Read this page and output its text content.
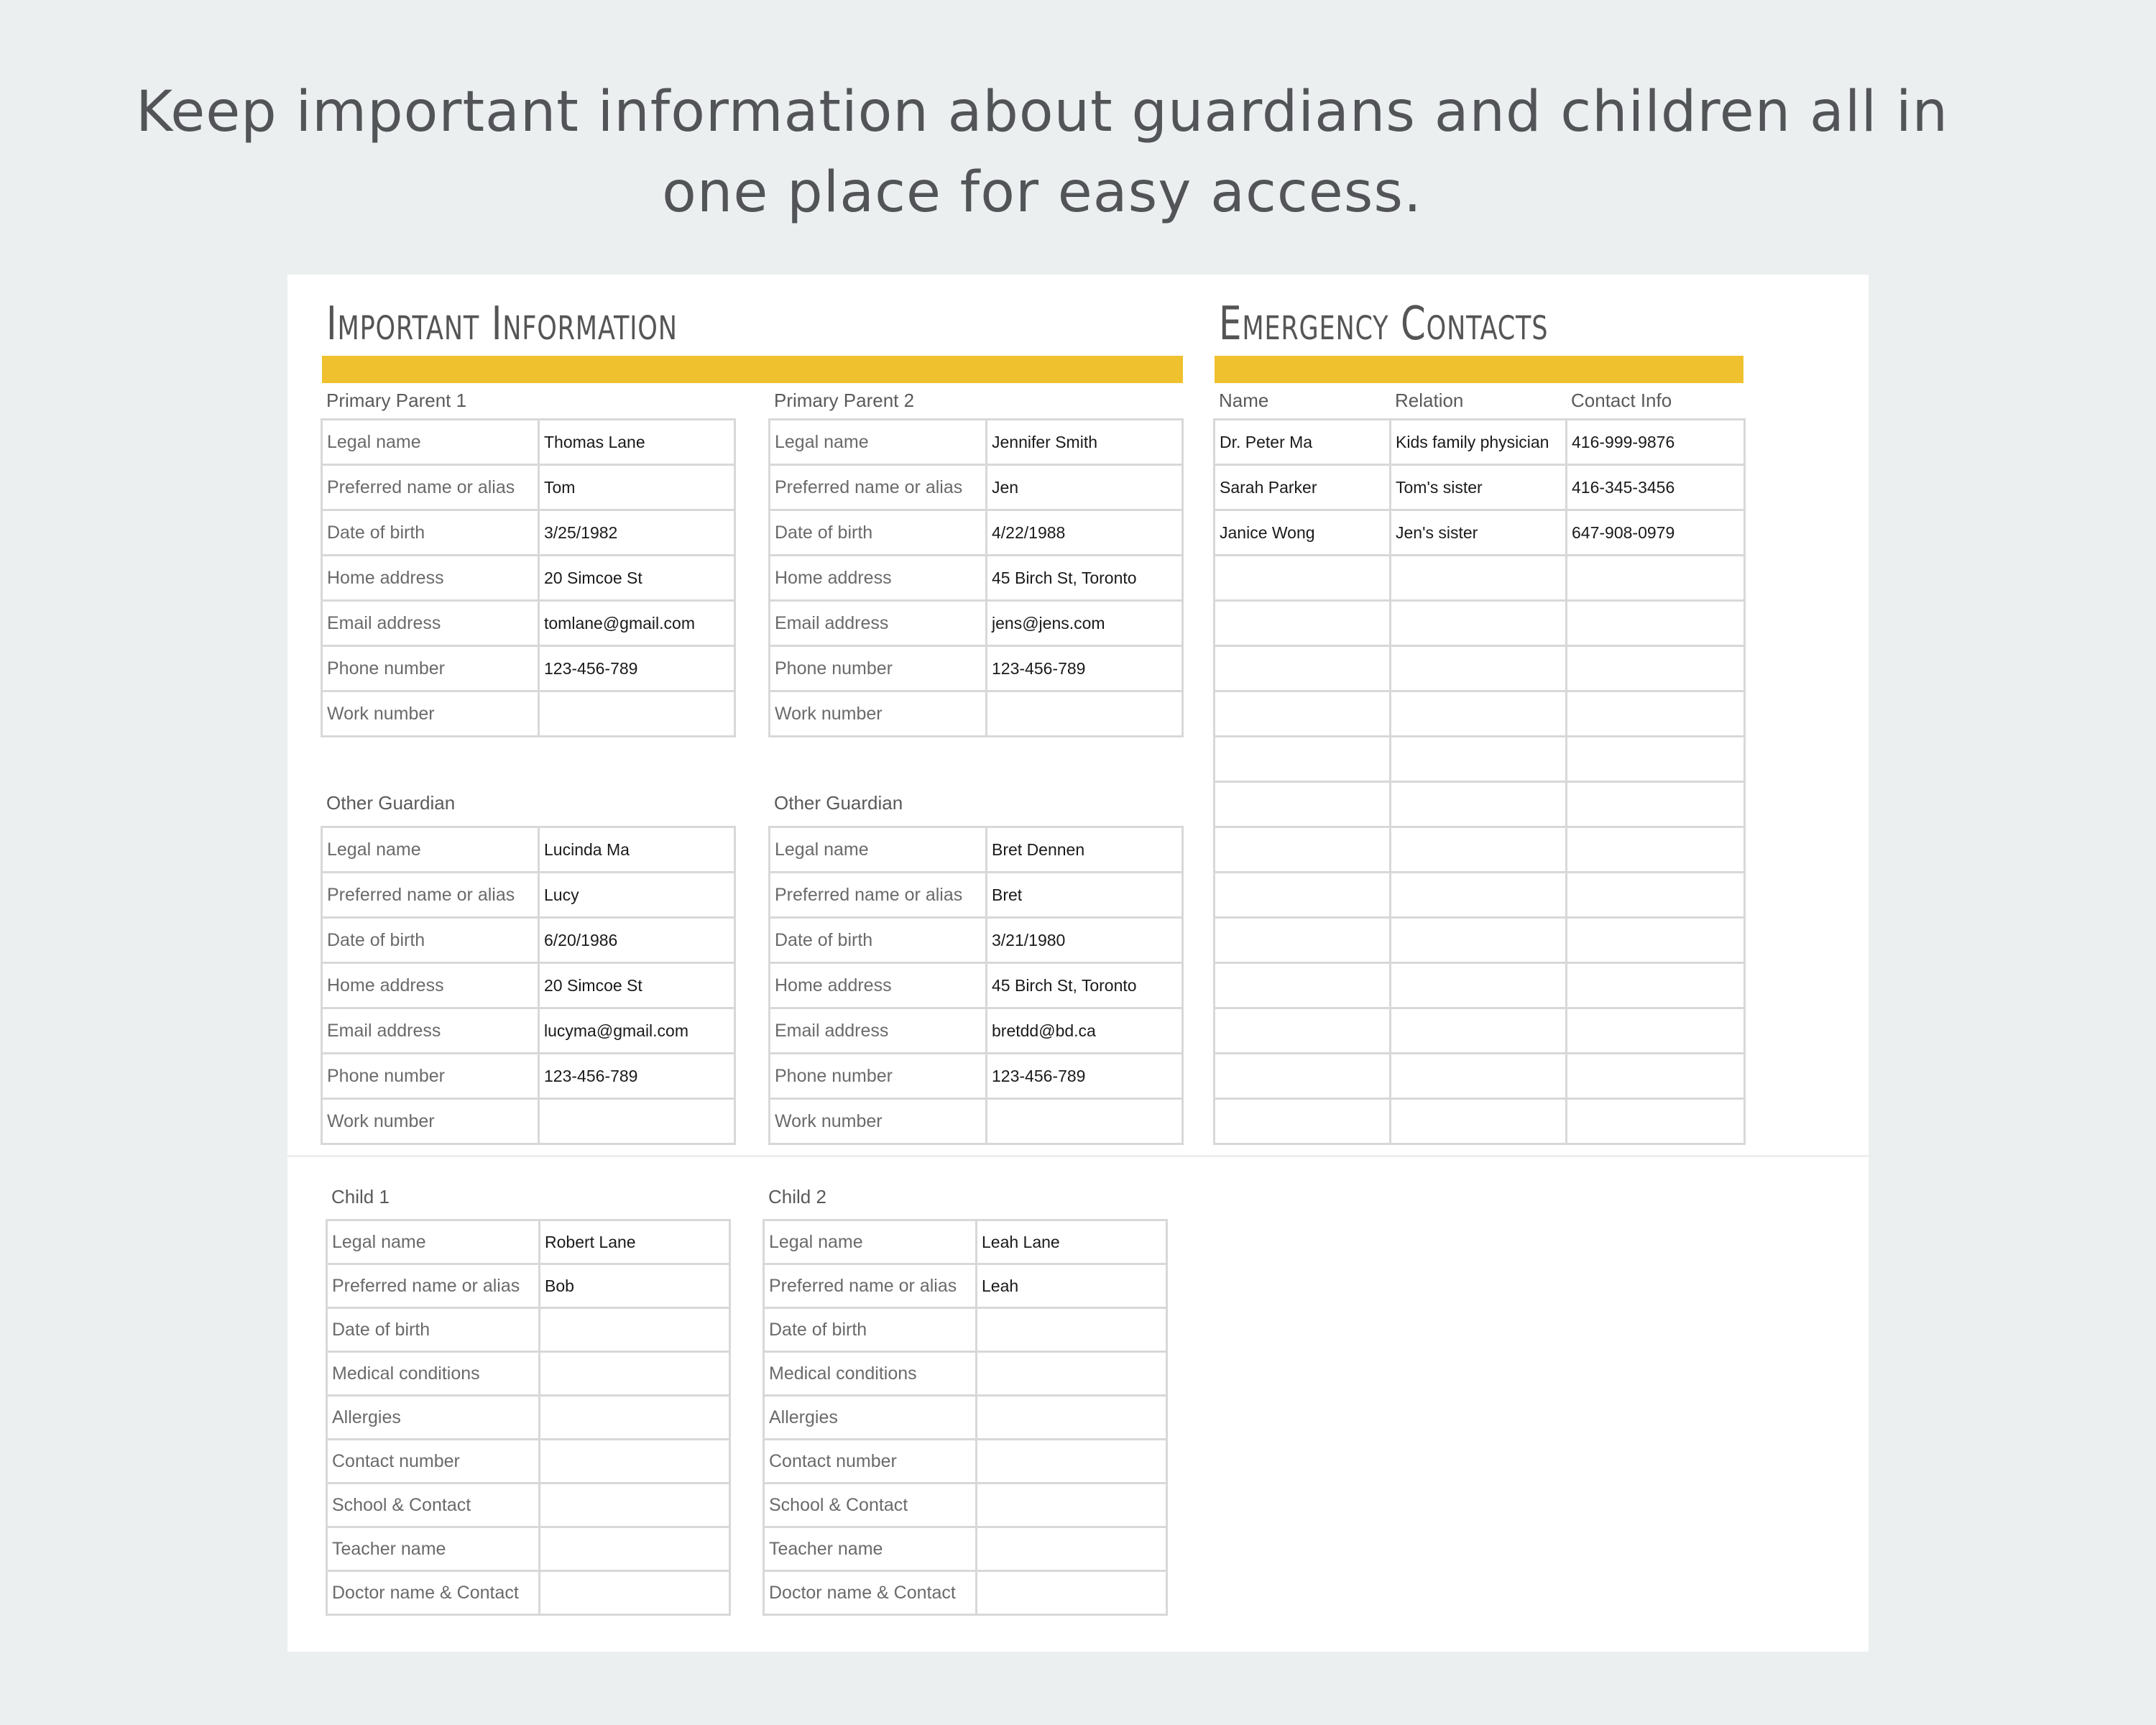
Keep important information about guardians and children all in
one place for easy access.
Important Information	Emergency Contacts
Primary Parent 1
Legal name	Thomas Lane
Preferred name or alias	Tom
Date of birth	3/25/1982
Home address	20 Simcoe St
Email address	tomlane@gmail.com
Phone number	123-456-789
Work number	
Primary Parent 2
Legal name	Jennifer Smith
Preferred name or alias	Jen
Date of birth	4/22/1988
Home address	45 Birch St, Toronto
Email address	jens@jens.com
Phone number	123-456-789
Work number	
Other Guardian
Legal name	Lucinda Ma
Preferred name or alias	Lucy
Date of birth	6/20/1986
Home address	20 Simcoe St
Email address	lucyma@gmail.com
Phone number	123-456-789
Work number	
Other Guardian
Legal name	Bret Dennen
Preferred name or alias	Bret
Date of birth	3/21/1980
Home address	45 Birch St, Toronto
Email address	bretdd@bd.ca
Phone number	123-456-789
Work number	
Name	Relation	Contact Info
Dr. Peter Ma	Kids family physician	416-999-9876
Sarah Parker	Tom's sister	416-345-3456
Janice Wong	Jen's sister	647-908-0979

Child 1
Legal name	Robert Lane
Preferred name or alias	Bob
Date of birth	
Medical conditions	
Allergies	
Contact number	
School & Contact	
Teacher name	
Doctor name & Contact	
Child 2
Legal name	Leah Lane
Preferred name or alias	Leah
Date of birth	
Medical conditions	
Allergies	
Contact number	
School & Contact	
Teacher name	
Doctor name & Contact	
